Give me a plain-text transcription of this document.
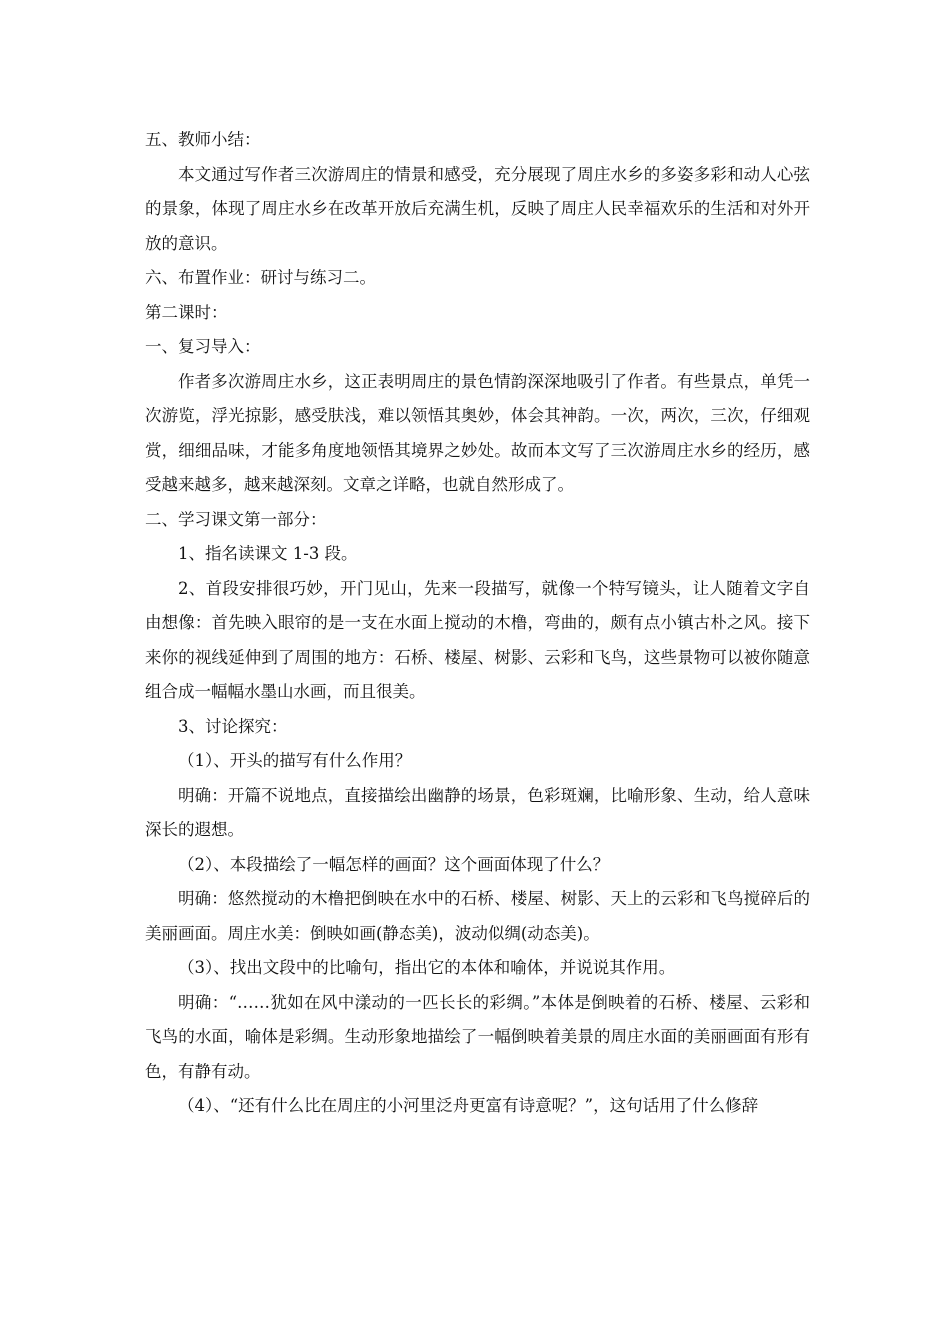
五、教师小结：

本文通过写作者三次游周庄的情景和感受，充分展现了周庄水乡的多姿多彩和动人心弦的景象，体现了周庄水乡在改革开放后充满生机，反映了周庄人民幸福欢乐的生活和对外开放的意识。

六、布置作业：研讨与练习二。

第二课时：

一、复习导入：

作者多次游周庄水乡，这正表明周庄的景色情韵深深地吸引了作者。有些景点，单凭一次游览，浮光掠影，感受肤浅，难以领悟其奥妙，体会其神韵。一次，两次，三次，仔细观赏，细细品味，才能多角度地领悟其境界之妙处。故而本文写了三次游周庄水乡的经历，感受越来越多，越来越深刻。文章之详略，也就自然形成了。

二、学习课文第一部分：

1、指名读课文 1-3 段。

2、首段安排很巧妙，开门见山，先来一段描写，就像一个特写镜头，让人随着文字自由想像：首先映入眼帘的是一支在水面上搅动的木橹，弯曲的，颇有点小镇古朴之风。接下来你的视线延伸到了周围的地方：石桥、楼屋、树影、云彩和飞鸟，这些景物可以被你随意组合成一幅幅水墨山水画，而且很美。

3、讨论探究：

（1）、开头的描写有什么作用？

明确：开篇不说地点，直接描绘出幽静的场景，色彩斑斓，比喻形象、生动，给人意味深长的遐想。

（2）、本段描绘了一幅怎样的画面？这个画面体现了什么？

明确：悠然搅动的木橹把倒映在水中的石桥、楼屋、树影、天上的云彩和飞鸟搅碎后的美丽画面。周庄水美：倒映如画(静态美)，波动似绸(动态美)。

（3）、找出文段中的比喻句，指出它的本体和喻体，并说说其作用。

明确：“……犹如在风中漾动的一匹长长的彩绸。”本体是倒映着的石桥、楼屋、云彩和飞鸟的水面，喻体是彩绸。生动形象地描绘了一幅倒映着美景的周庄水面的美丽画面有形有色，有静有动。

（4）、“还有什么比在周庄的小河里泛舟更富有诗意呢？”，这句话用了什么修辞
